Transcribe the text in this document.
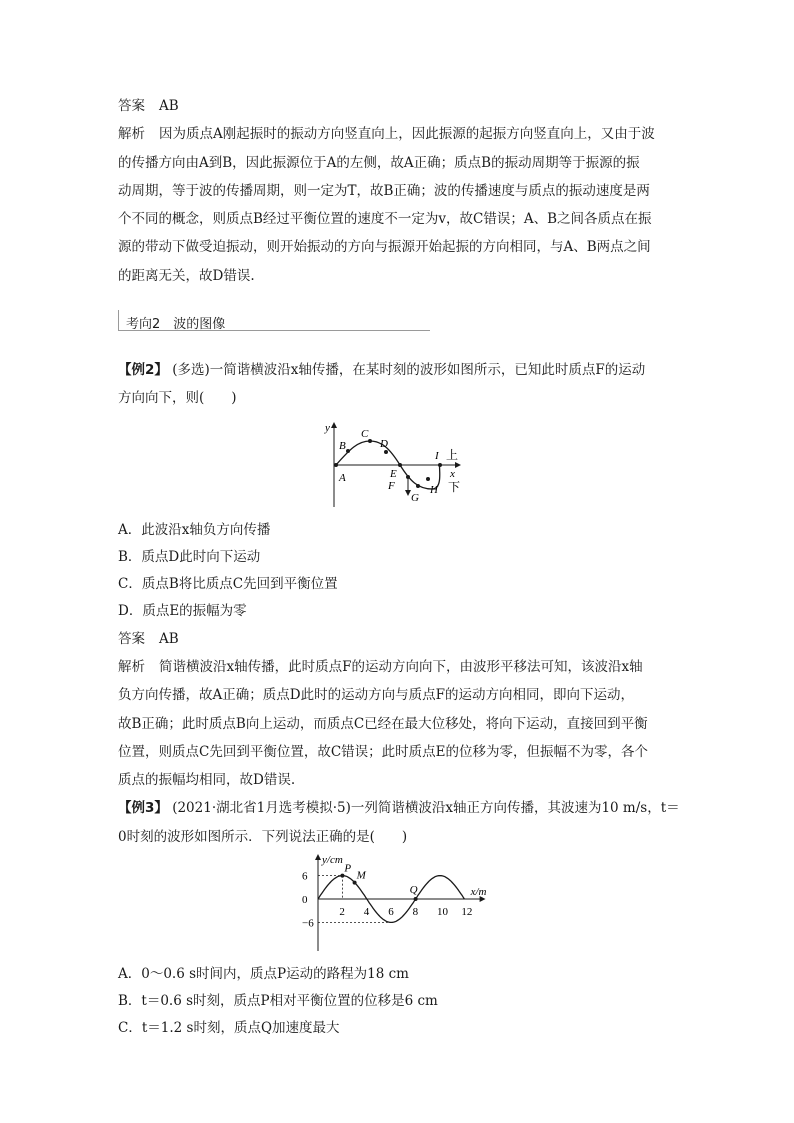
答案 AB
解析 因为质点A刚起振时的振动方向竖直向上，因此振源的起振方向竖直向上，又由于波
的传播方向由A到B，因此振源位于A的左侧，故A正确；质点B的振动周期等于振源的振
动周期，等于波的传播周期，则一定为T，故B正确；波的传播速度与质点的振动速度是两
个不同的概念，则质点B经过平衡位置的速度不一定为v，故C错误；A、B之间各质点在振
源的带动下做受迫振动，则开始振动的方向与振源开始起振的方向相同，与A、B两点之间
的距离无关，故D错误.
考向2　波的图像
【例2】 (多选)一简谐横波沿x轴传播，在某时刻的波形如图所示，已知此时质点F的运动
方向向下，则(　　)
y
x
A
B
C
D
E
F
G
H
I 上
下
A．此波沿x轴负方向传播
B．质点D此时向下运动
C．质点B将比质点C先回到平衡位置
D．质点E的振幅为零
答案 AB
解析 简谐横波沿x轴传播，此时质点F的运动方向向下，由波形平移法可知，该波沿x轴
负方向传播，故A正确；质点D此时的运动方向与质点F的运动方向相同，即向下运动，
故B正确；此时质点B向上运动，而质点C已经在最大位移处，将向下运动，直接回到平衡
位置，则质点C先回到平衡位置，故C错误；此时质点E的位移为零，但振幅不为零，各个
质点的振幅均相同，故D错误.
【例3】 (2021·湖北省1月选考模拟·5)一列简谐横波沿x轴正方向传播，其波速为10 m/s，t＝
0时刻的波形如图所示．下列说法正确的是(　　)
y/cm
x/m
6
0
−6
2 4 6 8 10 12
P
M
Q
A．0～0.6 s时间内，质点P运动的路程为18 cm
B．t＝0.6 s时刻，质点P相对平衡位置的位移是6 cm
C．t＝1.2 s时刻，质点Q加速度最大
